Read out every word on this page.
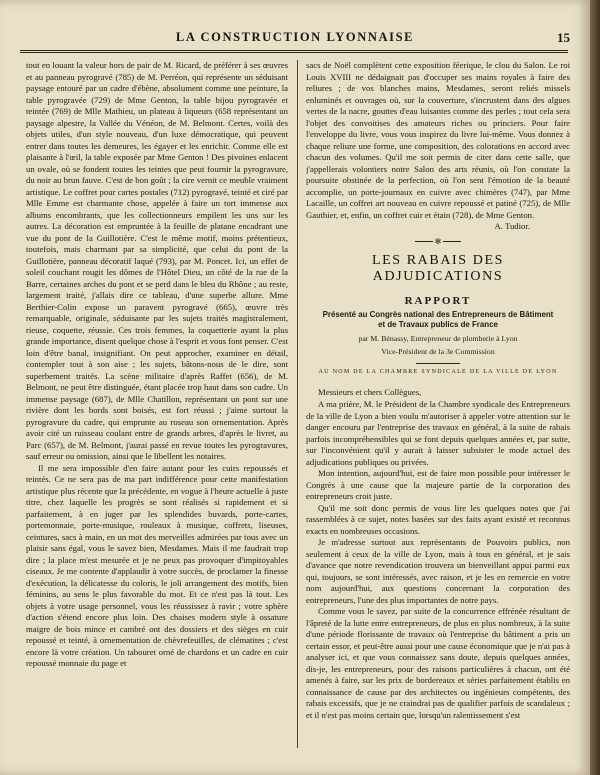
LA CONSTRUCTION LYONNAISE	15

tout en louant la valeur hors de pair de M. Ricard, de préférer à ses œuvres et au panneau pyrogravé (785) de M. Perréon, qui représente un séduisant paysage entouré par un cadre d'ébène, absolument comme une peinture, la table pyrogravée (729) de Mme Genton, la table bijou pyrogravée et teintée (769) de Mlle Mathieu, un plateau à liqueurs (658 représentant un paysage alpestre, la Vallée du Vénéon, de M. Belmont. Certes, voilà des objets utiles, d'un style nouveau, d'un luxe démocratique, qui peuvent entrer dans toutes les demeures, les égayer et les enrichir. Comme elle est plaisante à l'œil, la table exposée par Mme Genton ! Des pivoines enlacent un ovale, où se fondent toutes les teintes que peut fournir la pyrogravure, du noir au brun fauve. C'est de bon goût ; la cire vernit ce meuble vraiment artistique. Le coffret pour cartes postales (712) pyrogravé, teinté et ciré par Mlle Emme est charmante chose, appelée à faire un tort immense aux albums encombrants, que les collectionneurs empilent les uns sur les autres. La décoration est empruntée à la feuille de platane encadrant une vue du pont de la Guillotière. C'est le même motif, moins prétentieux, toutefois, mais charmant par sa simplicité, que celui du pont de la Guillotière, panneau décoratif laqué (793), par M. Poncet. Ici, un effet de soleil couchant rougit les dômes de l'Hôtel Dieu, un côté de la rue de la Barre, certaines arches du pont et se perd dans le bleu du Rhône ; au reste, largement traité, j'allais dire ce tableau, d'une superbe allure. Mme Berthier-Colin expose un paravent pyrogravé (665), œuvre très remarquable, originale, séduisante par les sujets traités magistralement, rieuse, coquette, réussie. Ces trois femmes, la coquetterie ayant la plus grande importance, disent quelque chose à l'esprit et vous font penser. C'est loin d'être banal, insignifiant. On peut approcher, examiner en détail, contempler tout à son aise ; les sujets, bâtons-nous de le dire, sont superbement traités. La scène militaire d'après Raffet (656), de M. Belmont, ne peut être distinguée, étant placée trop haut dans son cadre. Un immense paysage (687), de Mlle Chatillon, représentant un pont sur une rivière dont les bords sont boisés, est fort réussi ; j'aime surtout la pyrogravure du cadre, qui emprunte au roseau son ornementation. Après avoir cité un ruisseau coulant entre de grands arbres, d'après le livret, au Parc (657), de M. Belmont, j'aurai passé en revue toutes les pyrogravures, sauf erreur ou omission, ainsi que le libellent les notaires.

Il me sera impossible d'en faire autant pour les cuirs repoussés et teintés. Ce ne sera pas de ma part indifférence pour cette manifestation artistique plus récente que la précédente, en vogue à l'heure actuelle à juste titre, chez laquelle les progrès se sont réalisés si rapidement et si parfaitement, à en juger par les splendides buvards, porte-cartes, portemonnaie, porte-musique, rouleaux à musique, coffrets, liseuses, ceintures, sacs à main, en un mot des merveilles admirées par tous avec un plaisir sans égal, vous le savez bien, Mesdames. Mais il me faudrait trop dire ; la place m'est mesurée et je ne peux pas provoquer d'impitoyables ciseaux. Je me contente d'applaudir à votre succès, de proclamer la finesse d'exécution, la délicatesse du coloris, le joli arrangement des motifs, bien féminins, au sens le plus favorable du mot. Et ce n'est pas là tout. Les objets à votre usage personnel, vous les réussissez à ravir ; votre sphère d'action s'étend encore plus loin. Des chaises modern style à ossature maigre de bois mince et cambré ont des dossiers et des sièges en cuir repoussé et teinté, à ornementation de chèvrefeuilles, de clématites ; c'est encore là votre création. Un tabouret orné de chardons et un cadre en cuir repoussé monnaie du page et

sacs de Noël complètent cette exposition féerique, le clou du Salon. Le roi Louis XVIII ne dédaignait pas d'occuper ses mains royales à faire des reliures ; de vos blanches mains, Mesdames, seront reliés missels enluminés et ouvrages où, sur la couverture, s'incrustent dans des algues vertes de la nacre, gouttes d'eau luisantes comme des perles ; tout cela sera l'objet des convoitises des amateurs riches ou princiers. Pour faire l'enveloppe du livre, vous vous inspirez du livre lui-même. Vous donnez à chaque reliure une forme, une composition, des colorations en accord avec chacun des volumes. Qu'il me soit permis de citer dans cette salle, que j'appellerais volontiers notre Salon des arts réunis, où l'on constate la poursuite obstinée de la perfection, où l'on sent l'émotion de la beauté accomplie, un porte-journaux en cuivre avec chimères (747), par Mme Lacaille, un coffret art nouveau en cuivre repoussé et patiné (725), de Mlle Gauthier, et, enfin, un coffret cuir et étain (728), de Mme Genton.

A. Tudior.

✻
LES RABAIS DES ADJUDICATIONS
RAPPORT
Présenté au Congrès national des Entrepreneurs de Bâtiment
et de Travaux publics de France
par M. Bénassy, Entrepreneur de plomberie à Lyon
Vice-Président de la 3e Commission
AU NOM DE LA CHAMBRE SYNDICALE DE LA VILLE DE LYON

Messieurs et chers Collègues,

A ma prière, M. le Président de la Chambre syndicale des Entrepreneurs de la ville de Lyon a bien voulu m'autoriser à appeler votre attention sur le danger encouru par l'entreprise des travaux en général, à la suite de rabais parfois incompréhensibles qui se font depuis quelques années et, par suite, sur l'inconvénient qu'il y aurait à laisser subsister le mode actuel des adjudications publiques ou privées.

Mon intention, aujourd'hui, est de faire mon possible pour intéresser le Congrès à une cause que la majeure partie de la corporation des entrepreneurs croit juste.

Qu'il me soit donc permis de vous lire les quelques notes que j'ai rassemblées à ce sujet, notes basées sur des faits ayant existé et reconnus exacts en nombreuses occasions.

Je m'adresse surtout aux représentants de Pouvoirs publics, non seulement à ceux de la ville de Lyon, mais à tous en général, et je sais d'avance que notre revendication trouvera un bienveillant appui parmi eux qui, toujours, se sont intéressés, avec raison, et je les en remercie en votre nom aujourd'hui, aux questions concernant la corporation des entrepreneurs, l'une des plus importantes de notre pays.

Comme vous le savez, par suite de la concurrence effrénée résultant de l'âpreté de la lutte entre entrepreneurs, de plus en plus nombreux, à la suite d'une période florissante de travaux où l'entreprise du bâtiment a pris un certain essor, et peut-être aussi pour une cause économique que je n'ai pas à analyser ici, et que vous connaissez sans doute, depuis quelques années, dis-je, les entrepreneurs, pour des raisons particulières à chacun, ont été amenés à faire, sur les prix de bordereaux et séries parfaitement établis en connaissance de cause par des architectes ou ingénieurs compétents, des rabais excessifs, que je ne craindrai pas de qualifier parfois de scandaleux ; et il n'est pas moins certain que, lorsqu'un ralentissement s'est
